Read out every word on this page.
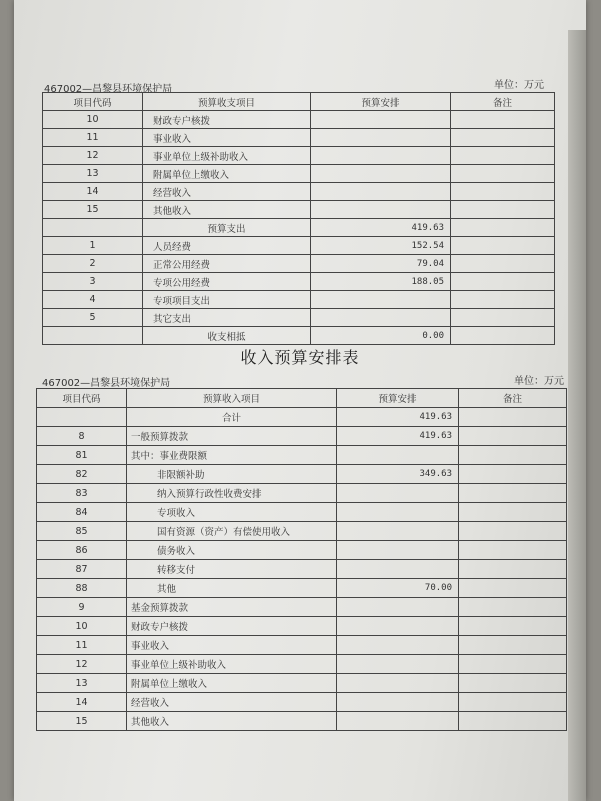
467002—昌黎县环境保护局	单位：万元
项目代码	预算收支项目	预算安排	备注
10	财政专户核拨		
11	事业收入		
12	事业单位上级补助收入		
13	附属单位上缴收入		
14	经营收入		
15	其他收入		
	预算支出	419.63	
1	人员经费	152.54	
2	正常公用经费	79.04	
3	专项公用经费	188.05	
4	专项项目支出		
5	其它支出		
	收支相抵	0.00	
收入预算安排表
467002—昌黎县环境保护局	单位：万元
项目代码	预算收入项目	预算安排	备注
	合计	419.63	
8	一般预算拨款	419.63	
81	其中：事业费限额		
82	非限额补助	349.63	
83	纳入预算行政性收费安排		
84	专项收入		
85	国有资源（资产）有偿使用收入		
86	债务收入		
87	转移支付		
88	其他	70.00	
9	基金预算拨款		
10	财政专户核拨		
11	事业收入		
12	事业单位上级补助收入		
13	附属单位上缴收入		
14	经营收入		
15	其他收入		
